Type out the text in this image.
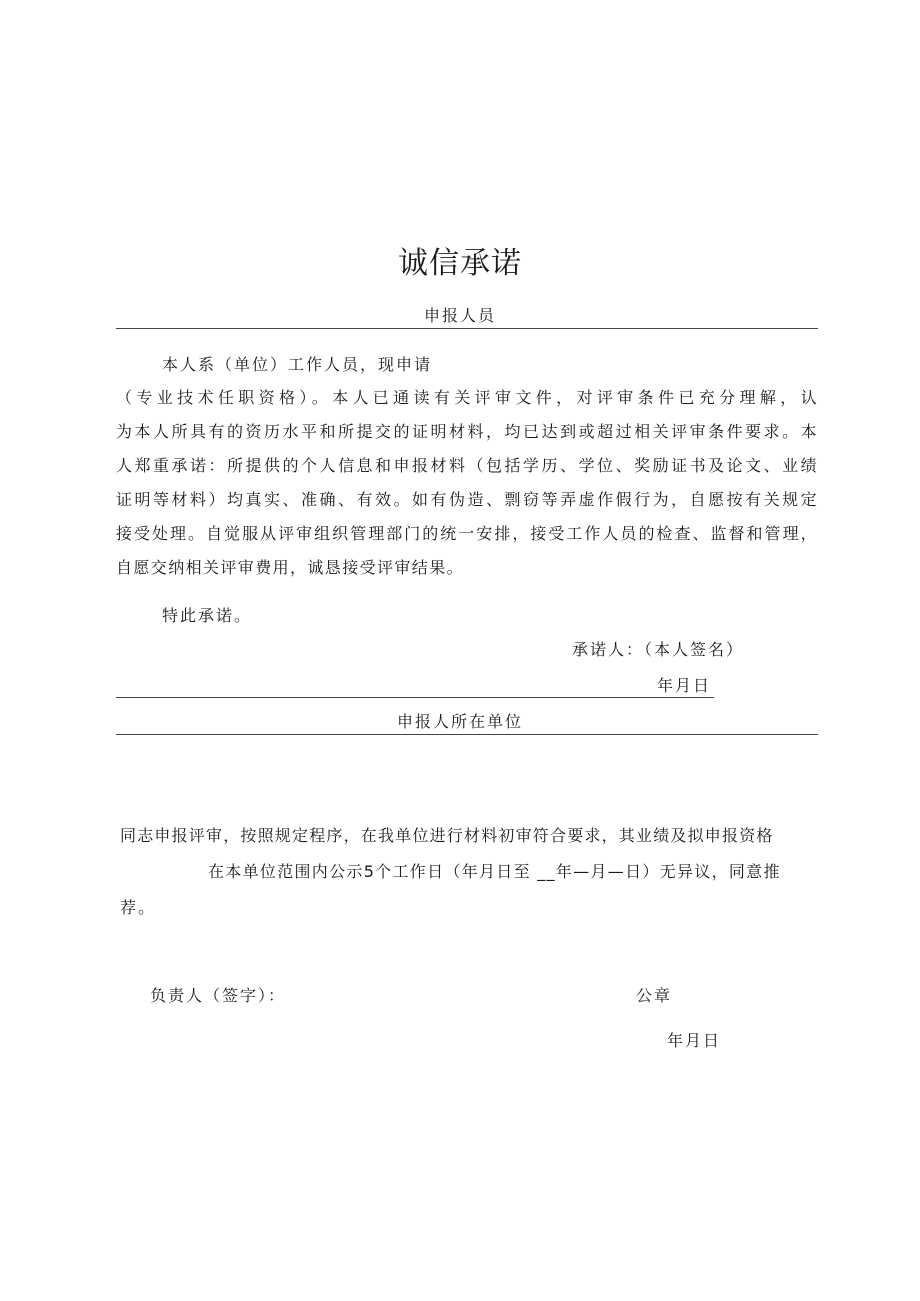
诚信承诺
申报人员
本人系（单位）工作人员，现申请
（专业技术任职资格）。本人已通读有关评审文件，对评审条件已充分理解，认
为本人所具有的资历水平和所提交的证明材料，均已达到或超过相关评审条件要求。本
人郑重承诺：所提供的个人信息和申报材料（包括学历、学位、奖励证书及论文、业绩
证明等材料）均真实、准确、有效。如有伪造、剽窃等弄虚作假行为，自愿按有关规定
接受处理。自觉服从评审组织管理部门的统一安排，接受工作人员的检查、监督和管理，
自愿交纳相关评审费用，诚恳接受评审结果。
特此承诺。
承诺人：（本人签名）
年月日
申报人所在单位
同志申报评审，按照规定程序，在我单位进行材料初审符合要求，其业绩及拟申报资格
在本单位范围内公示5个工作日（年月日至 __年—月—日）无异议，同意推
荐。
负责人（签字）：	公章
年月日
